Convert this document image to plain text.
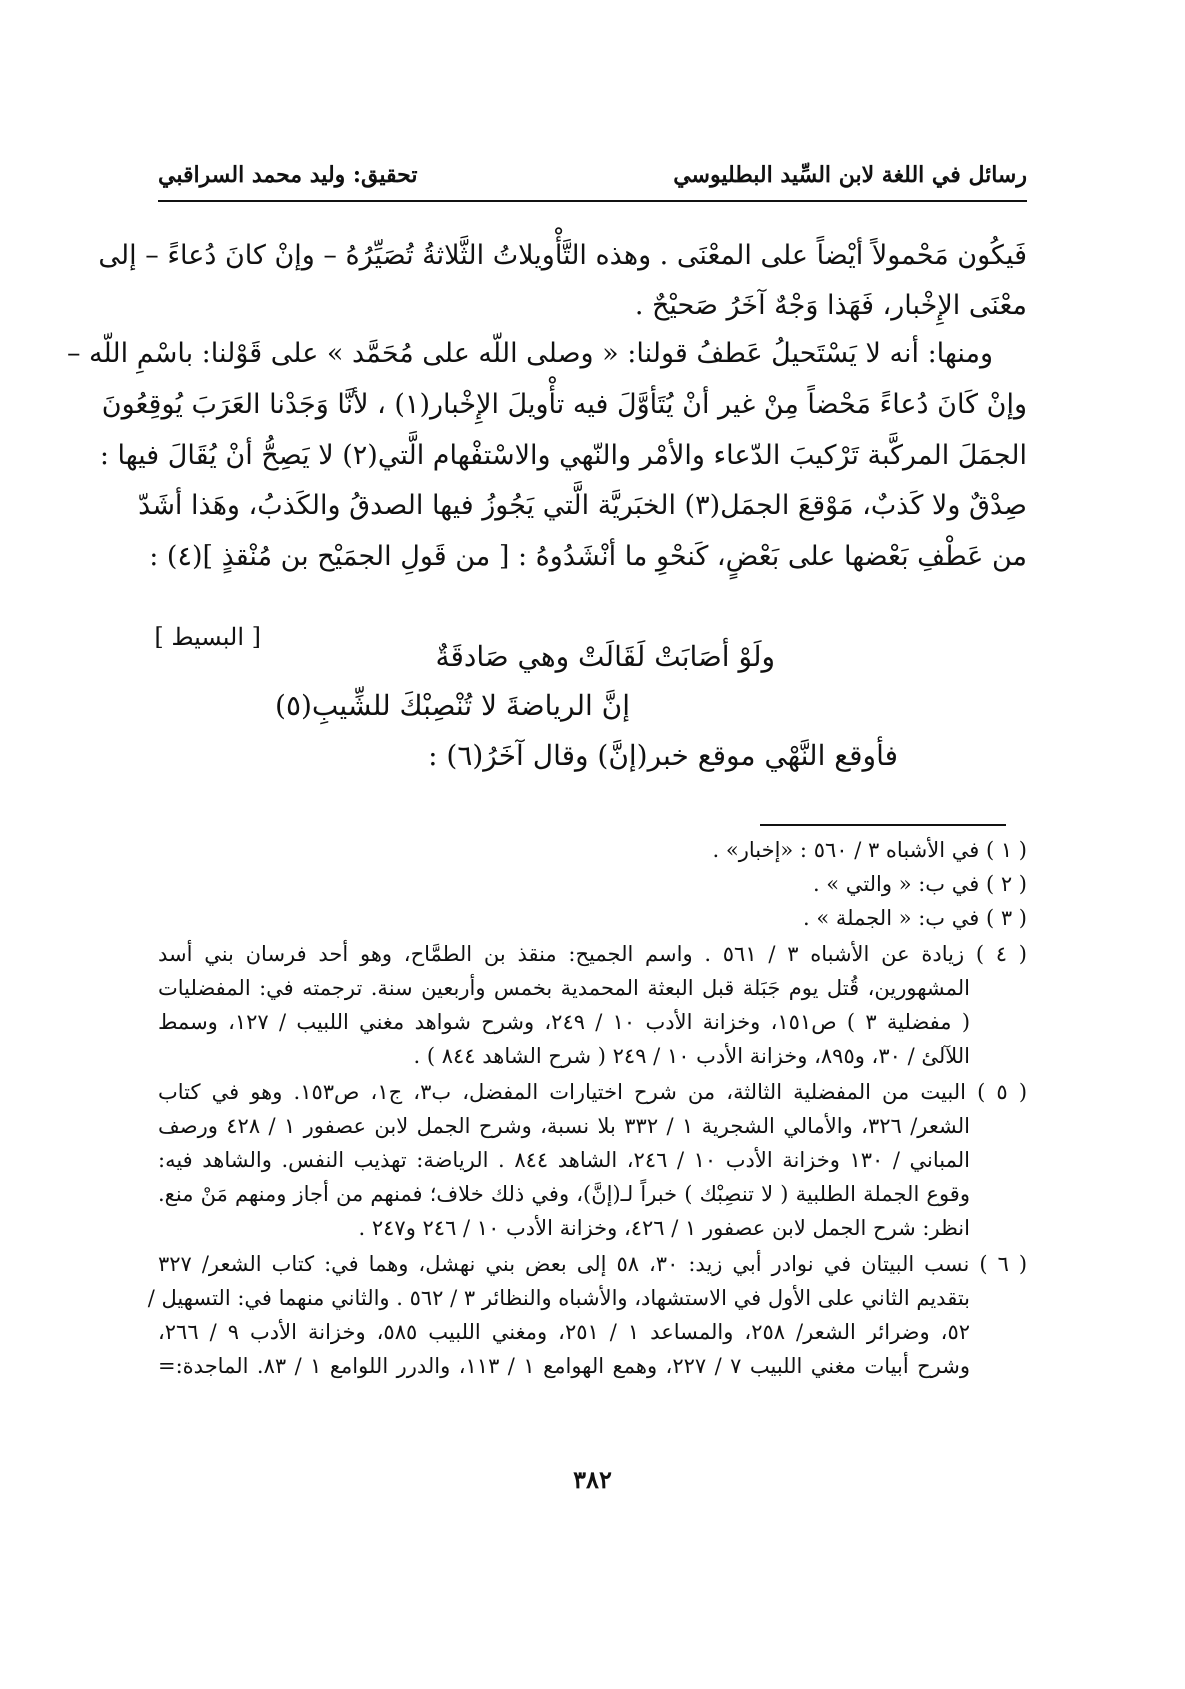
رسائل في اللغة لابن السِّيد البطليوسي
تحقيق: وليد محمد السراقبي
فَيكُون مَحْمولاً أيْضاً على المعْنَى . وهذه التَّأْويلاتُ الثَّلاثةُ تُصَيِّرُهُ – وإنْ كانَ دُعاءً – إلى
معْنَى الإِخْبار، فَهَذا وَجْهٌ آخَرُ صَحيْحٌ .
ومنها: أنه لا يَسْتَحيلُ عَطفُ قولنا: « وصلى اللّه على مُحَمَّد » على قَوْلنا: باسْمِ اللّه –
وإنْ كَانَ دُعاءً مَحْضاً مِنْ غير أنْ يُتَأوَّلَ فيه تأْويلَ الإِخْبار(١) ، لأنَّا وَجَدْنا العَرَبَ يُوقِعُونَ
الجمَلَ المركَّبة تَرْكيبَ الدّعاء والأمْر والنّهي والاسْتفْهام الَّتي(٢) لا يَصِحُّ أنْ يُقَالَ فيها :
صِدْقٌ ولا كَذبٌ، مَوْقعَ الجمَل(٣) الخبَريَّة الَّتي يَجُوزُ فيها الصدقُ والكَذبُ، وهَذا أشَدّ
من عَطْفِ بَعْضها على بَعْضٍ، كَنحْوِ ما أنْشَدُوهُ : [ من قَولِ الجمَيْح بن مُنْقذٍ ](٤) :
[ البسيط ]
ولَوْ أصَابَتْ لَقَالَتْ وهي صَادقَةٌ
إنَّ الرياضةَ لا تُنْصِبْكَ للشِّيبِ(٥)
فأوقع النَّهْي موقع خبر(إنَّ) وقال آخَرُ(٦) :
( ١ ) في الأشباه ٣ / ٥٦٠ : «إخبار» .
( ٢ ) في ب: « والتي » .
( ٣ ) في ب: « الجملة » .
( ٤ ) زيادة عن الأشباه ٣ / ٥٦١ . واسم الجميح: منقذ بن الطمَّاح، وهو أحد فرسان بني أسد
المشهورين، قُتل يوم جَبَلة قبل البعثة المحمدية بخمس وأربعين سنة. ترجمته في: المفضليات
( مفضلية ٣ ) ص١٥١، وخزانة الأدب ١٠ / ٢٤٩، وشرح شواهد مغني اللبيب / ١٢٧، وسمط
اللآلئ / ٣٠، و٨٩٥، وخزانة الأدب ١٠ / ٢٤٩ ( شرح الشاهد ٨٤٤ ) .
( ٥ ) البيت من المفضلية الثالثة، من شرح اختيارات المفضل، ب٣، ج١، ص١٥٣. وهو في كتاب
الشعر/ ٣٢٦، والأمالي الشجرية ١ / ٣٣٢ بلا نسبة، وشرح الجمل لابن عصفور ١ / ٤٢٨ ورصف
المباني / ١٣٠ وخزانة الأدب ١٠ / ٢٤٦، الشاهد ٨٤٤ . الرياضة: تهذيب النفس. والشاهد فيه:
وقوع الجملة الطلبية ( لا تنصِبْك ) خبراً لـ(إنَّ)، وفي ذلك خلاف؛ فمنهم من أجاز ومنهم مَنْ منع.
انظر: شرح الجمل لابن عصفور ١ / ٤٢٦، وخزانة الأدب ١٠ / ٢٤٦ و٢٤٧ .
( ٦ ) نسب البيتان في نوادر أبي زيد: ٣٠، ٥٨ إلى بعض بني نهشل، وهما في: كتاب الشعر/ ٣٢٧
بتقديم الثاني على الأول في الاستشهاد، والأشباه والنظائر ٣ / ٥٦٢ . والثاني منهما في: التسهيل /
٥٢، وضرائر الشعر/ ٢٥٨، والمساعد ١ / ٢٥١، ومغني اللبيب ٥٨٥، وخزانة الأدب ٩ / ٢٦٦،
وشرح أبيات مغني اللبيب ٧ / ٢٢٧، وهمع الهوامع ١ / ١١٣، والدرر اللوامع ١ / ٨٣. الماجدة:=
٣٨٢
